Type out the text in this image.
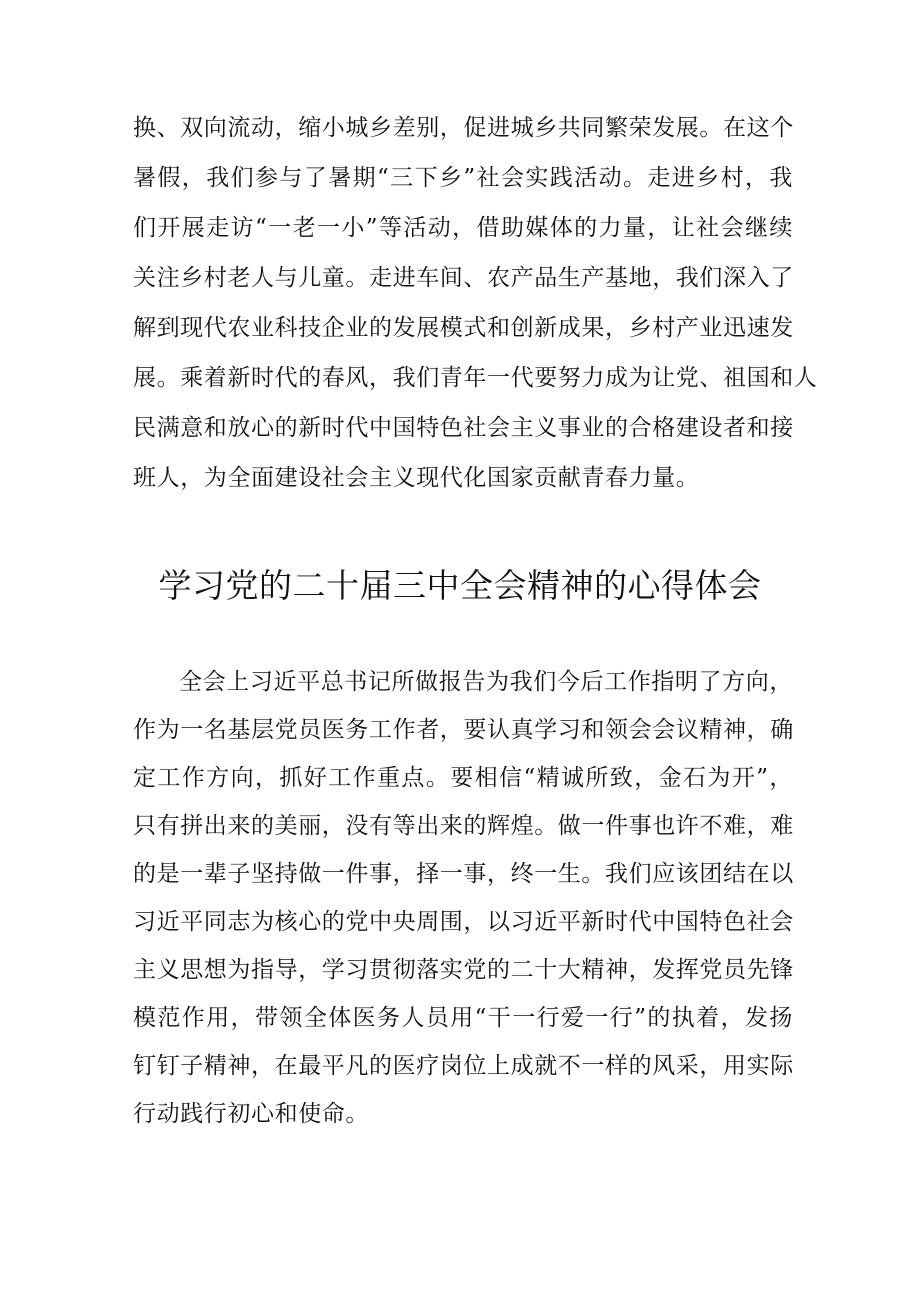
换、双向流动，缩小城乡差别，促进城乡共同繁荣发展。在这个
暑假，我们参与了暑期“三下乡”社会实践活动。走进乡村，我
们开展走访“一老一小”等活动，借助媒体的力量，让社会继续
关注乡村老人与儿童。走进车间、农产品生产基地，我们深入了
解到现代农业科技企业的发展模式和创新成果，乡村产业迅速发
展。乘着新时代的春风，我们青年一代要努力成为让党、祖国和人
民满意和放心的新时代中国特色社会主义事业的合格建设者和接
班人，为全面建设社会主义现代化国家贡献青春力量。
学习党的二十届三中全会精神的心得体会
全会上习近平总书记所做报告为我们今后工作指明了方向，
作为一名基层党员医务工作者，要认真学习和领会会议精神，确
定工作方向，抓好工作重点。要相信“精诚所致，金石为开”，
只有拼出来的美丽，没有等出来的辉煌。做一件事也许不难，难
的是一辈子坚持做一件事，择一事，终一生。我们应该团结在以
习近平同志为核心的党中央周围，以习近平新时代中国特色社会
主义思想为指导，学习贯彻落实党的二十大精神，发挥党员先锋
模范作用，带领全体医务人员用“干一行爱一行”的执着，发扬
钉钉子精神，在最平凡的医疗岗位上成就不一样的风采，用实际
行动践行初心和使命。
